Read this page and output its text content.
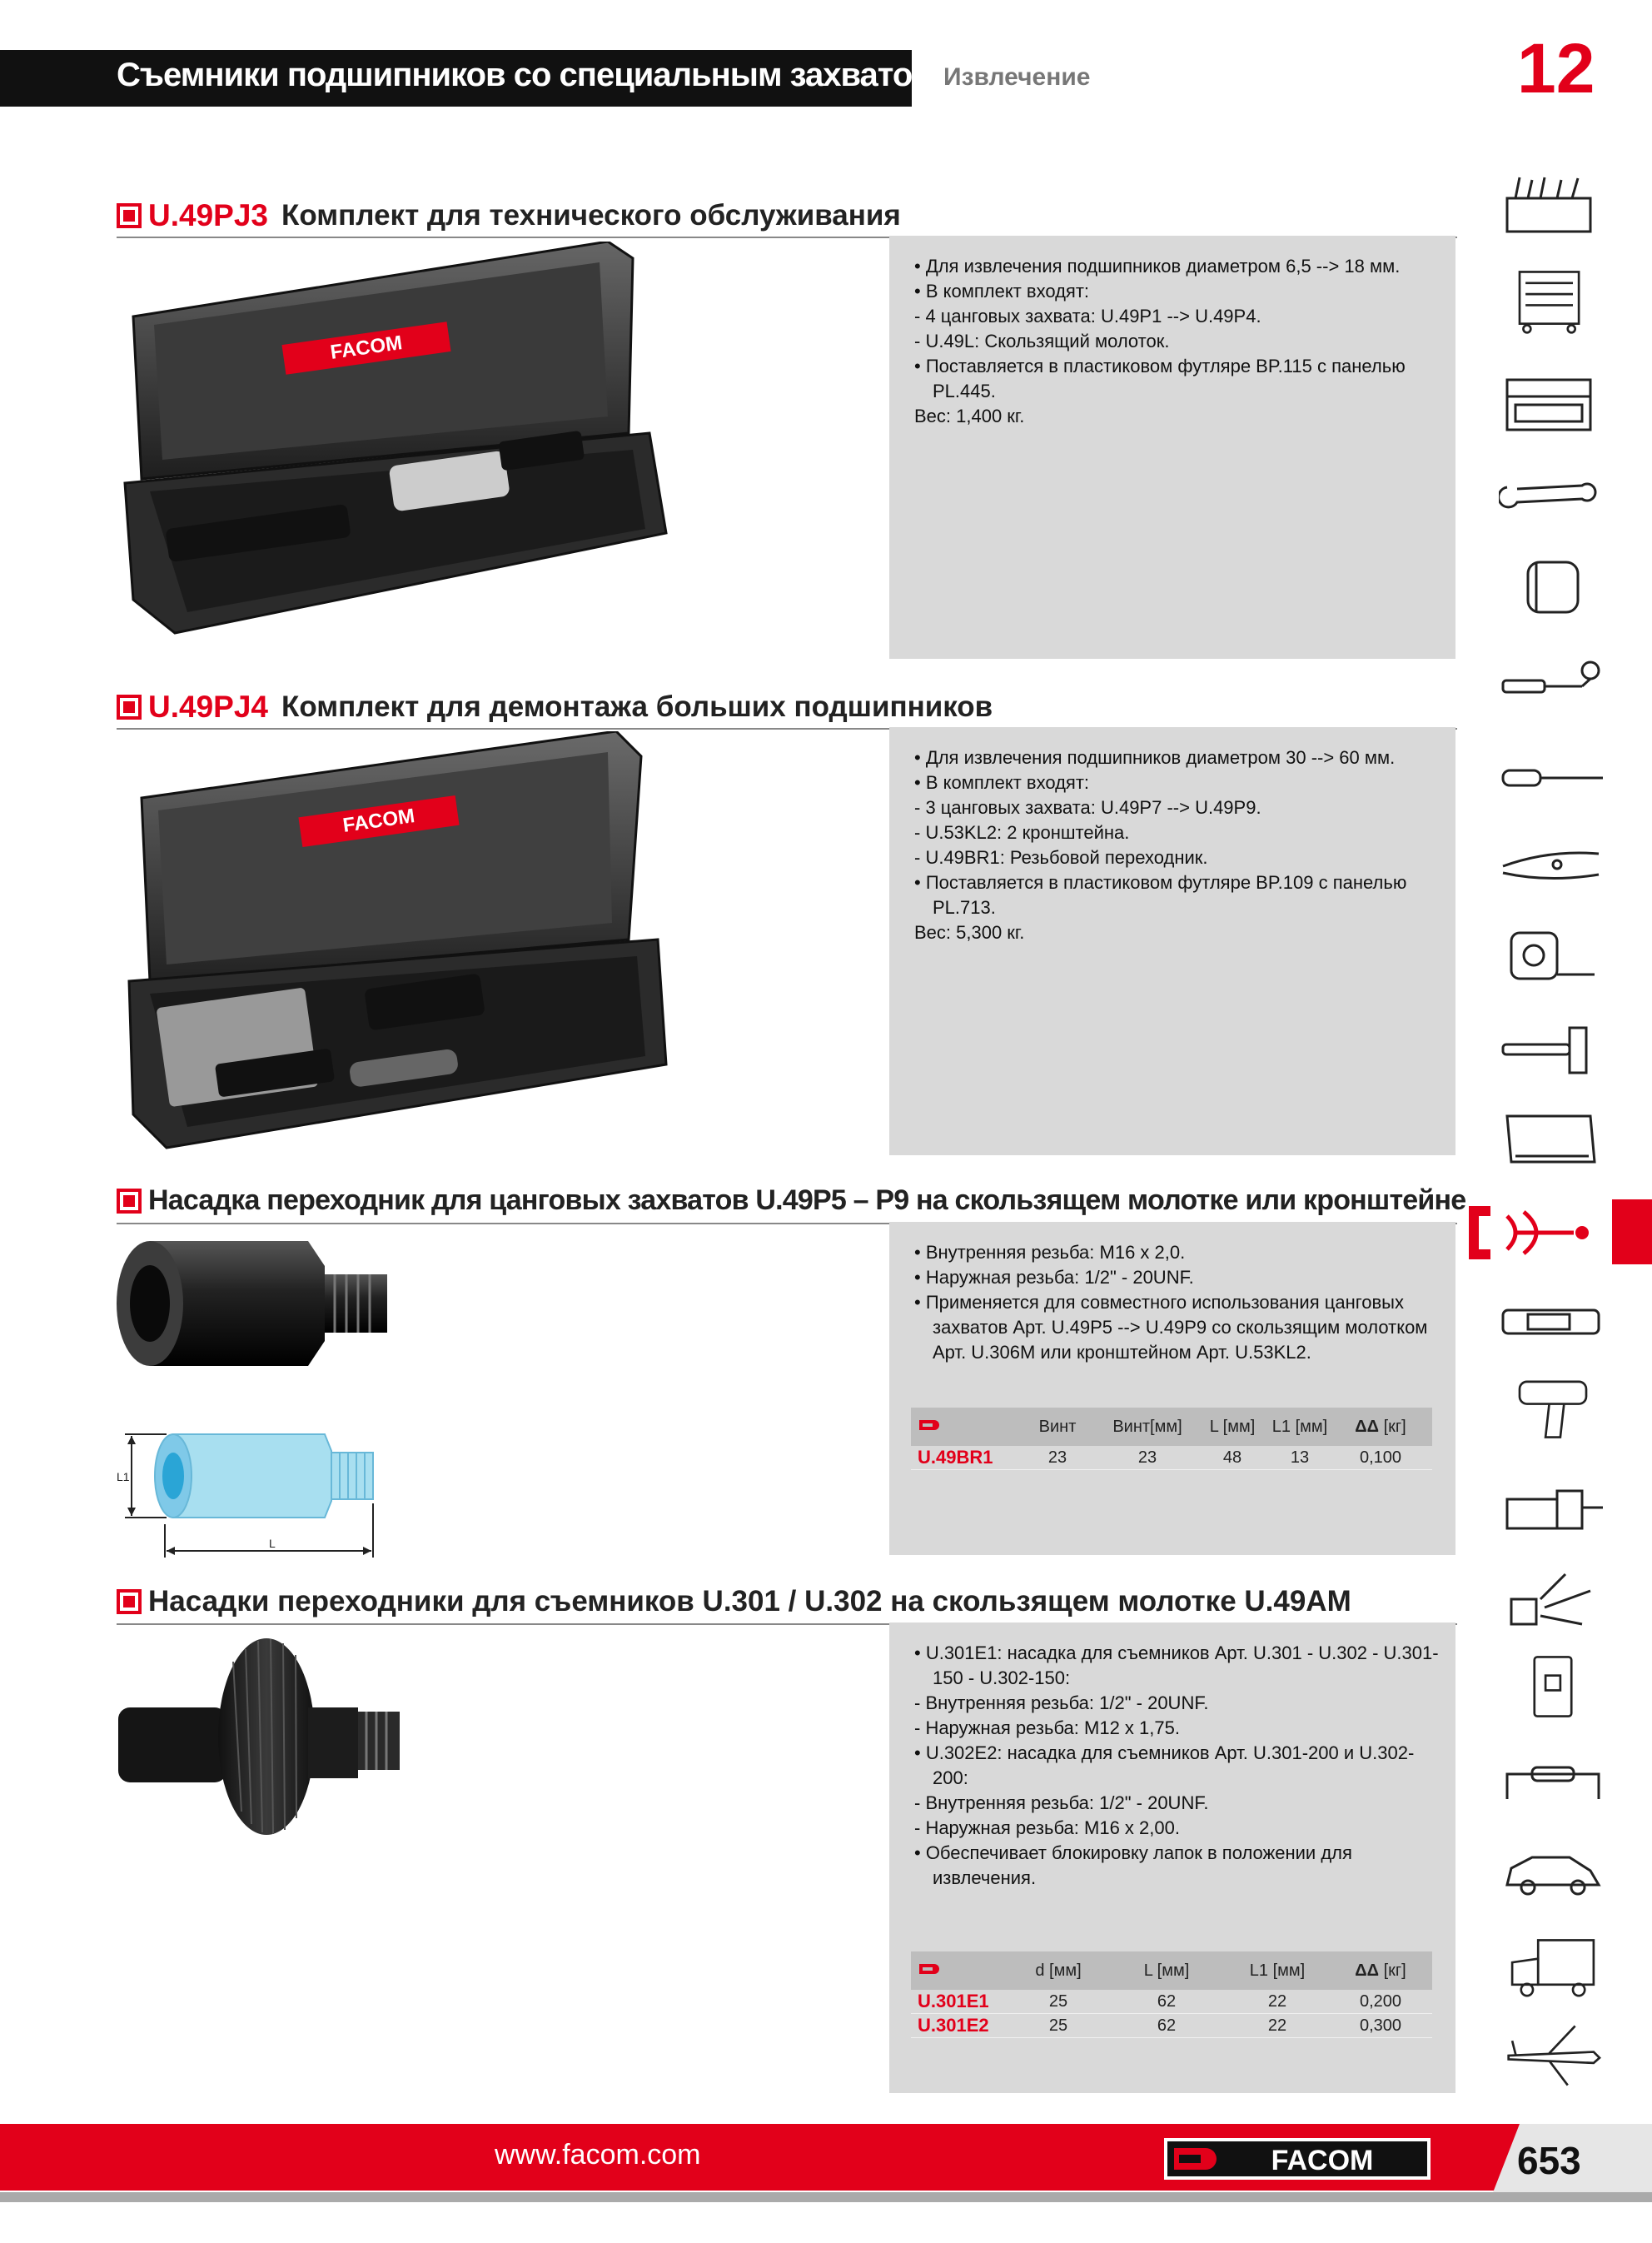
Съемники подшипников со специальным захватом Извлечение	12
U.49PJ3 Комплект для технического обслуживания
• Для извлечения подшипников диаметром 6,5 --> 18 мм.
• В комплект входят:
- 4 цанговых захвата: U.49P1 --> U.49P4.
- U.49L: Скользящий молоток.
• Поставляется в пластиковом футляре BP.115 с панелью PL.445.
Вес: 1,400 кг.
FACOM
U.49PJ4 Комплект для демонтажа больших подшипников
• Для извлечения подшипников диаметром 30 --> 60 мм.
• В комплект входят:
- 3 цанговых захвата: U.49P7 --> U.49P9.
- U.53KL2: 2 кронштейна.
- U.49BR1: Резьбовой переходник.
• Поставляется в пластиковом футляре BP.109 с панелью PL.713.
Вес: 5,300 кг.
FACOM
Насадка переходник для цанговых захватов U.49P5 – P9 на скользящем молотке или кронштейне
• Внутренняя резьба: M16 x 2,0.
• Наружная резьба: 1/2" - 20UNF.
• Применяется для совместного использования цанговых захватов Арт. U.49P5 --> U.49P9 со скользящим молотком Арт. U.306M или кронштейном Арт. U.53KL2.
	Винт	Винт[мм]	L [мм]	L1 [мм]	ΔΔ [кг]
U.49BR1	23	23	48	13	0,100
L1
L
Насадки переходники для съемников U.301 / U.302 на скользящем молотке U.49AM
• U.301E1: насадка для съемников Арт. U.301 - U.302 - U.301-150 - U.302-150:
- Внутренняя резьба: 1/2" - 20UNF.
- Наружная резьба: M12 x 1,75.
• U.302E2: насадка для съемников Арт. U.301-200 и U.302-200:
- Внутренняя резьба: 1/2" - 20UNF.
- Наружная резьба: M16 x 2,00.
• Обеспечивает блокировку лапок в положении для извлечения.
	d [мм]	L [мм]	L1 [мм]	ΔΔ [кг]
U.301E1	25	62	22	0,200
U.301E2	25	62	22	0,300
www.facom.com	FACOM	653
